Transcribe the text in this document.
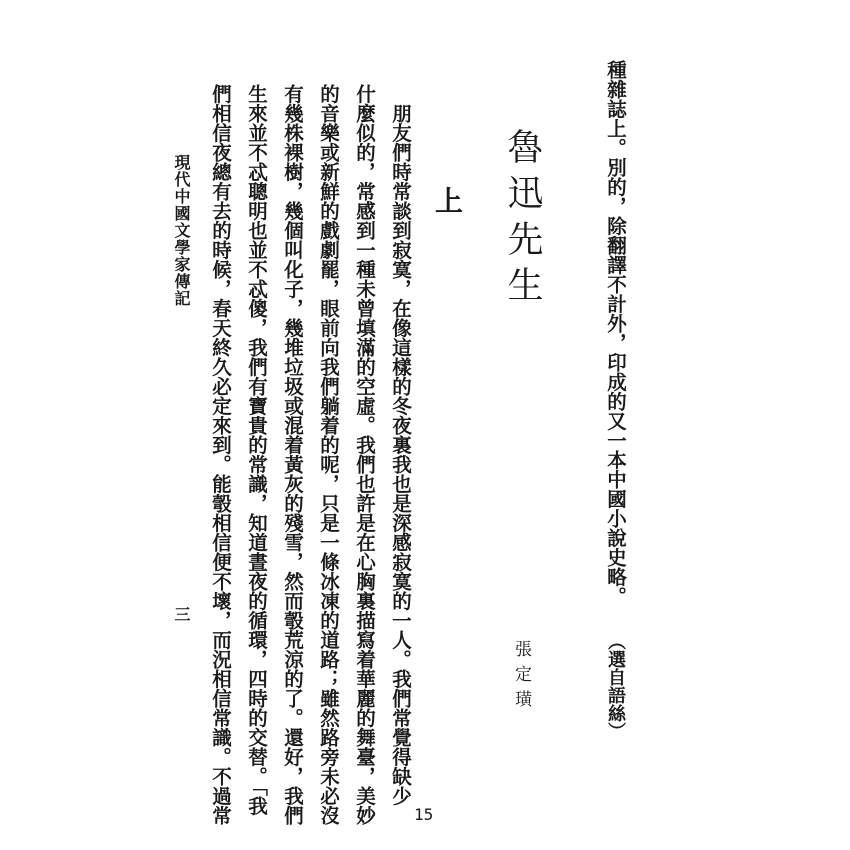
種雜誌上。別的，除翻譯不計外，印成的又一本中國小說史略。
（選自語絲）
魯迅先生
上
張定璜
　朋友們時常談到寂寞，在像這樣的冬夜裏我也是深感寂寞的一人。我們常覺得缺少
什麼似的，常感到一種未曾填滿的空虛。我們也許是在心胸裏描寫着華麗的舞臺，美妙
的音樂或新鮮的戲劇罷，眼前向我們躺着的呢，只是一條冰凍的道路；雖然路旁未必沒
有幾株裸樹，幾個叫化子，幾堆垃圾或混着黃灰的殘雪，然而彀荒涼的了。還好，我們
生來並不忒聰明也並不忒傻，我們有寶貴的常識，知道晝夜的循環，四時的交替。「我
們相信夜總有去的時候，春天終久必定來到。能彀相信便不壞，而況相信常識。不過常
現代中國文學家傳記
三
15
